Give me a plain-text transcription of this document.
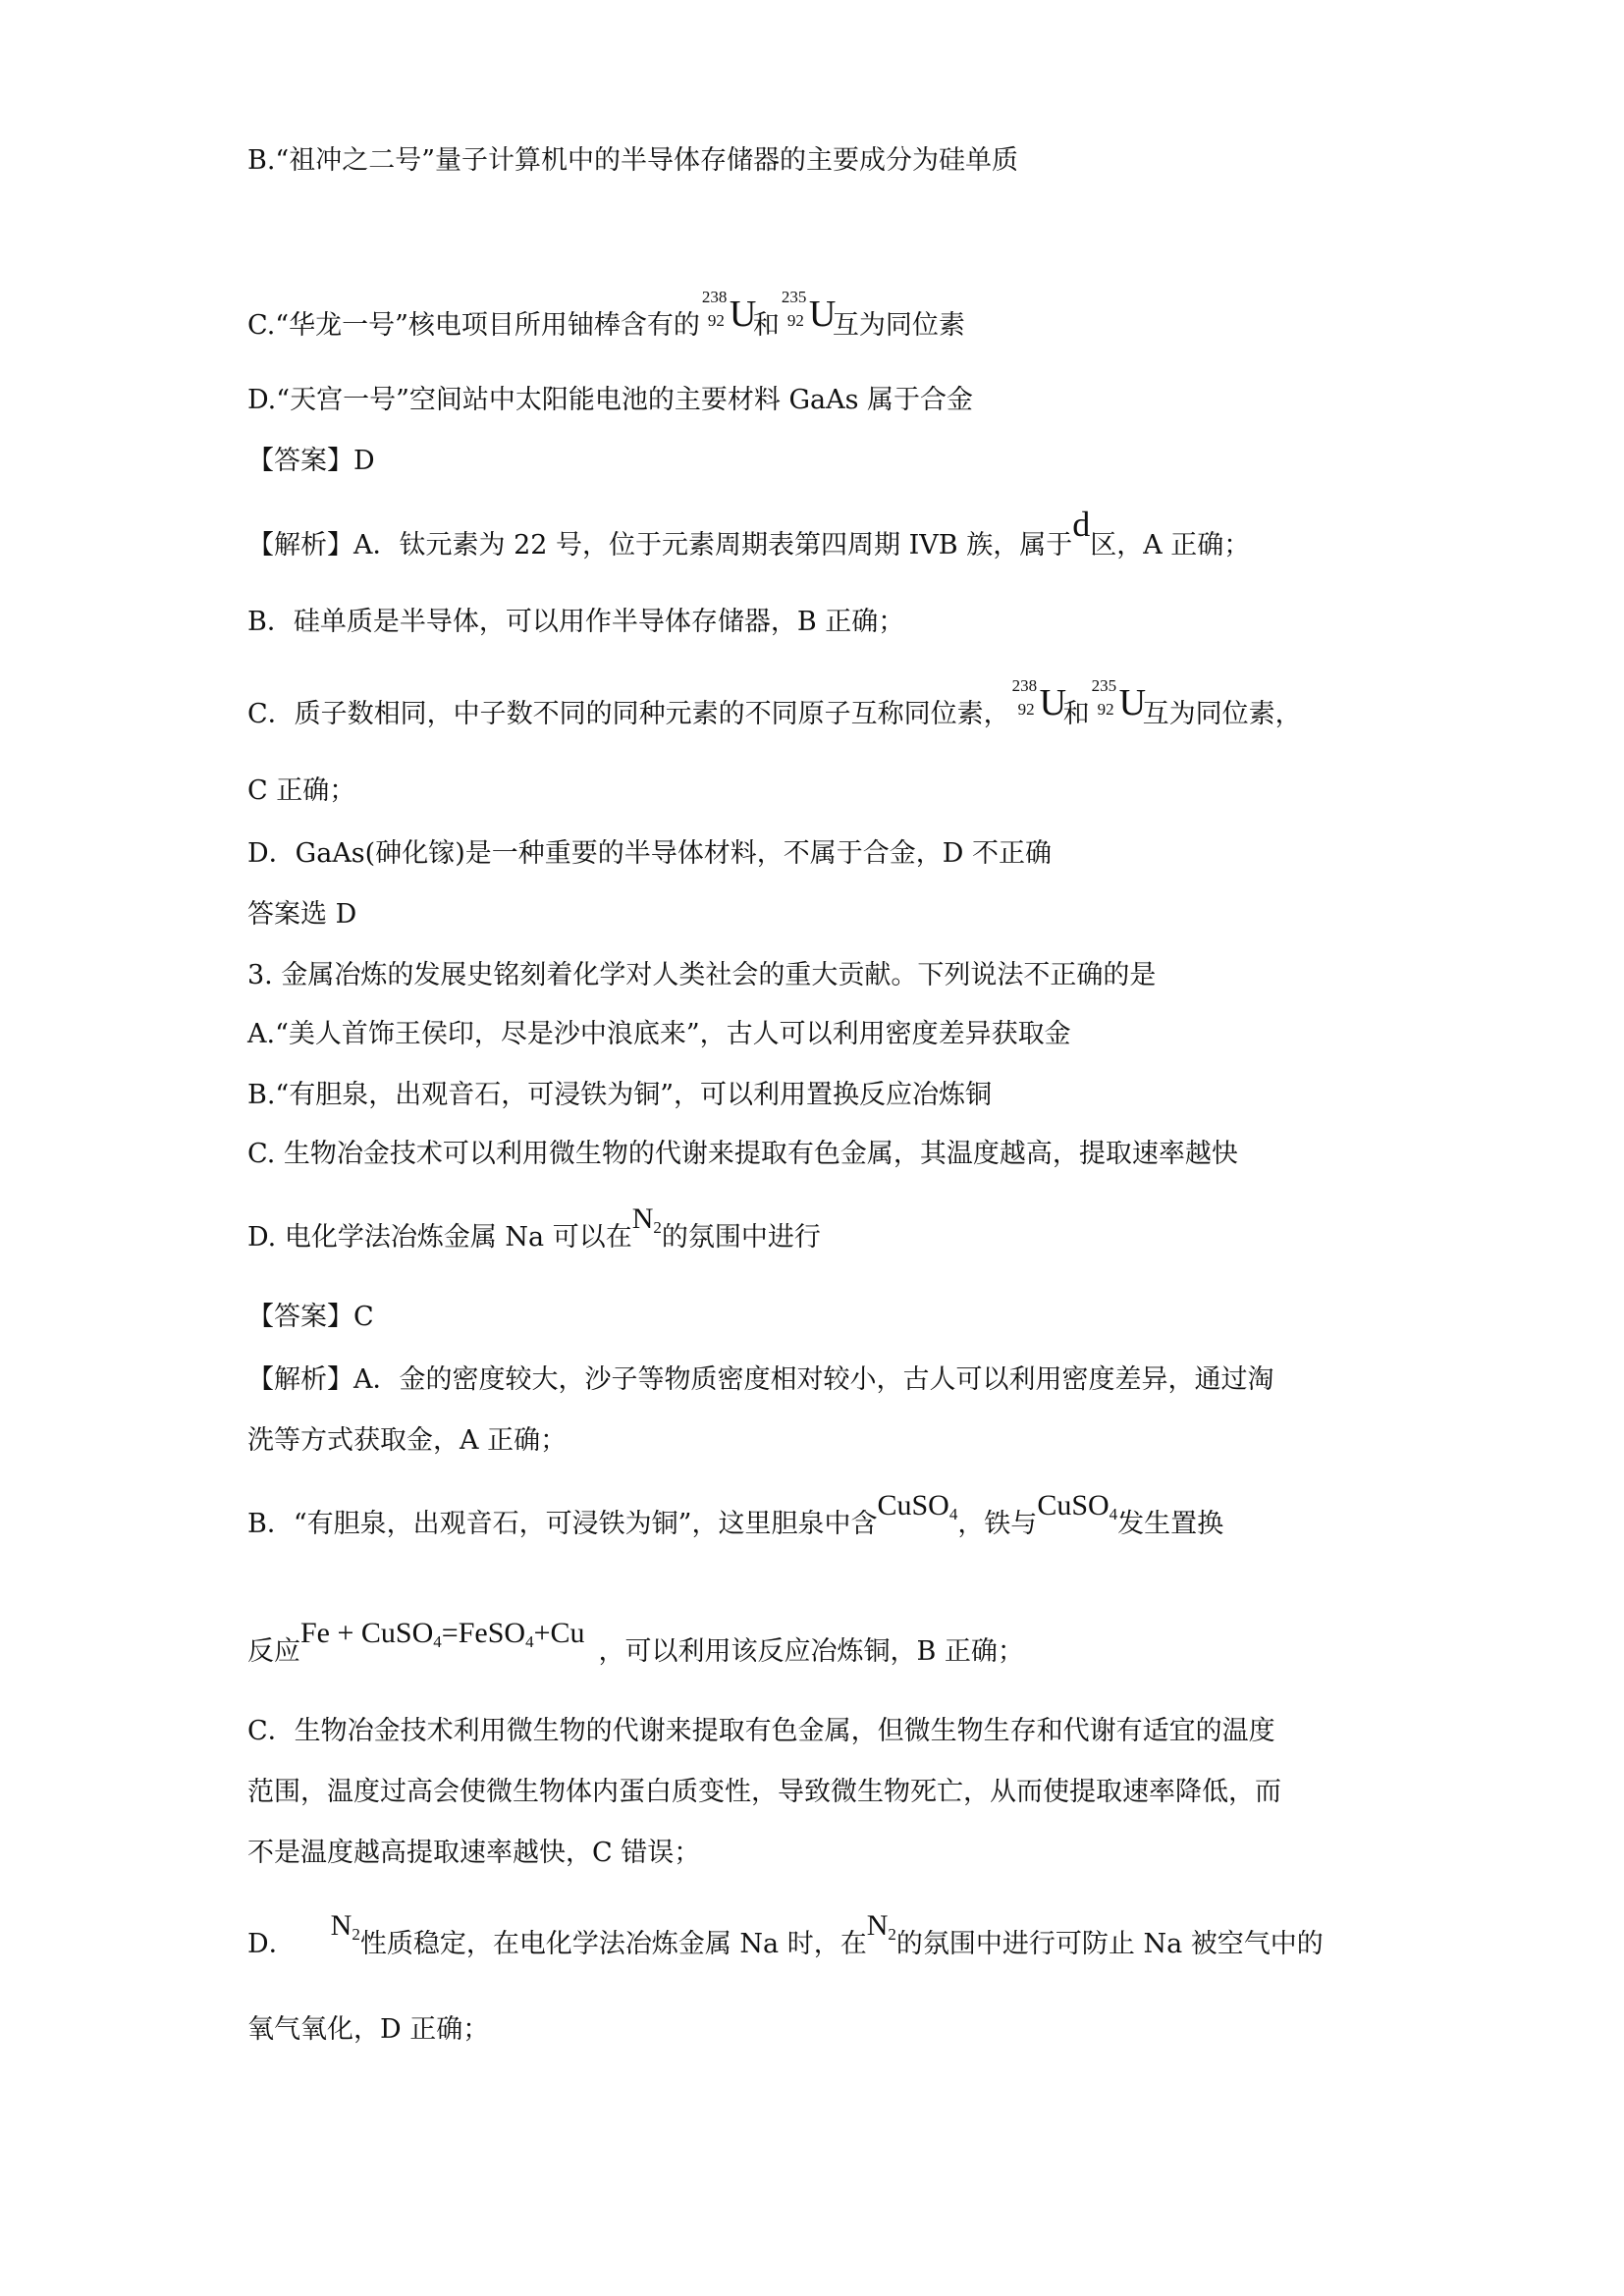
B.“祖冲之二号”量子计算机中的半导体存储器的主要成分为硅单质

C.“华龙一号”核电项目所用铀棒含有的
238
92 U
和
235
92 U
互为同位素

D.“天宫一号”空间站中太阳能电池的主要材料 GaAs 属于合金

【答案】D

【解析】A．钛元素为 22 号，位于元素周期表第四周期 IVB 族，属于d区，A 正确；

B．硅单质是半导体，可以用作半导体存储器，B 正确；

C．质子数相同，中子数不同的同种元素的不同原子互称同位素，
238
92 U
和
235
92 U
互为同位素，

C 正确；

D．GaAs(砷化镓)是一种重要的半导体材料，不属于合金，D 不正确

答案选 D

3. 金属冶炼的发展史铭刻着化学对人类社会的重大贡献。下列说法不正确的是

A.“美人首饰王侯印，尽是沙中浪底来”，古人可以利用密度差异获取金

B.“有胆泉，出观音石，可浸铁为铜”，可以利用置换反应冶炼铜

C. 生物冶金技术可以利用微生物的代谢来提取有色金属，其温度越高，提取速率越快

D. 电化学法冶炼金属 Na 可以在$N_2$的氛围中进行

【答案】C

【解析】A．金的密度较大，沙子等物质密度相对较小，古人可以利用密度差异，通过淘

洗等方式获取金，A 正确；

B．“有胆泉，出观音石，可浸铁为铜”，这里胆泉中含CuSO$_4$，铁与CuSO$_4$发生置换

反应Fe + CuSO$_4$=FeSO$_4$+Cu，可以利用该反应冶炼铜，B 正确；

C．生物冶金技术利用微生物的代谢来提取有色金属，但微生物生存和代谢有适宜的温度

范围，温度过高会使微生物体内蛋白质变性，导致微生物死亡，从而使提取速率降低，而

不是温度越高提取速率越快，C 错误；

D．$N_2$性质稳定，在电化学法冶炼金属 Na 时，在$N_2$的氛围中进行可防止 Na 被空气中的

氧气氧化，D 正确；
